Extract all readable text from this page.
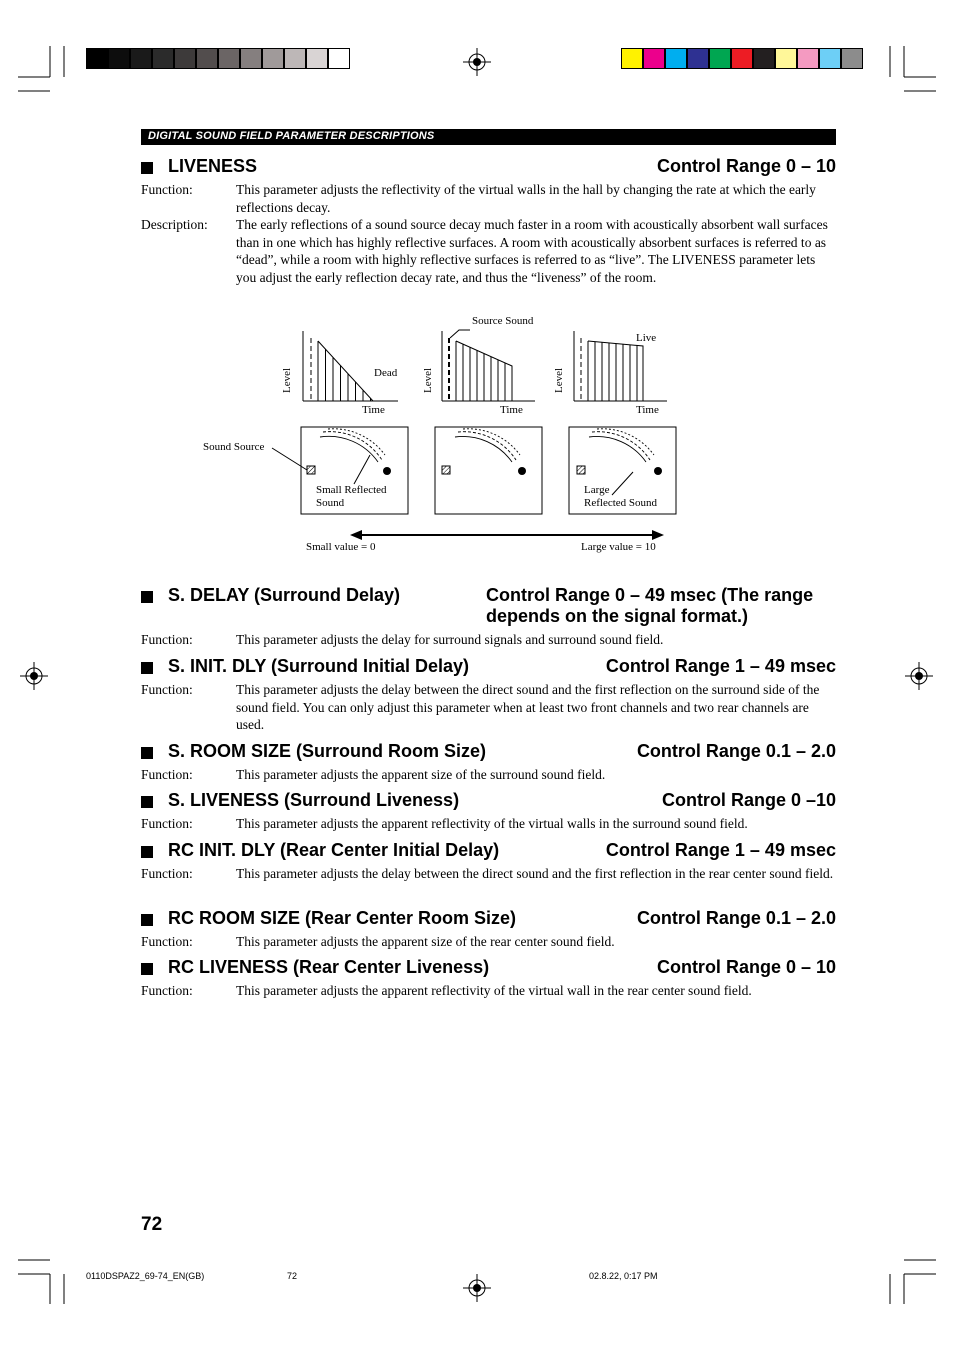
DIGITAL SOUND FIELD PARAMETER DESCRIPTIONS
LIVENESS	Control Range 0 – 10
Function:	This parameter adjusts the reflectivity of the virtual walls in the hall by changing the rate at which the early reflections decay.
Description: The early reflections of a sound source decay much faster in a room with acoustically absorbent wall surfaces than in one which has highly reflective surfaces. A room with acoustically absorbent surfaces is referred to as “dead”, while a room with highly reflective surfaces is referred to as “live”. The LIVENESS parameter lets you adjust the early reflection decay rate, and thus the “liveness” of the room.
Source Sound
Dead
Live
Level	Level	Level
Time	Time	Time
Sound Source
Small Reflected
Sound
Large
Reflected Sound
Small value = 0	Large value = 10
S. DELAY (Surround Delay)	Control Range 0 – 49 msec (The range
depends on the signal format.)
Function:	This parameter adjusts the delay for surround signals and surround sound field.
S. INIT. DLY (Surround Initial Delay)	Control Range 1 – 49 msec
Function:	This parameter adjusts the delay between the direct sound and the first reflection on the surround side of the sound field. You can only adjust this parameter when at least two front channels and two rear channels are used.
S. ROOM SIZE (Surround Room Size)	Control Range 0.1 – 2.0
Function:	This parameter adjusts the apparent size of the surround sound field.
S. LIVENESS (Surround Liveness)	Control Range 0 –10
Function:	This parameter adjusts the apparent reflectivity of the virtual walls in the surround sound field.
RC INIT. DLY (Rear Center Initial Delay)	Control Range 1 – 49 msec
Function:	This parameter adjusts the delay between the direct sound and the first reflection in the rear center sound field.
RC ROOM SIZE (Rear Center Room Size)	Control Range 0.1 – 2.0
Function:	This parameter adjusts the apparent size of the rear center sound field.
RC LIVENESS (Rear Center Liveness)	Control Range 0 – 10
Function:	This parameter adjusts the apparent reflectivity of the virtual wall in the rear center sound field.
72
0110DSPAZ2_69-74_EN(GB)	72	02.8.22, 0:17 PM
